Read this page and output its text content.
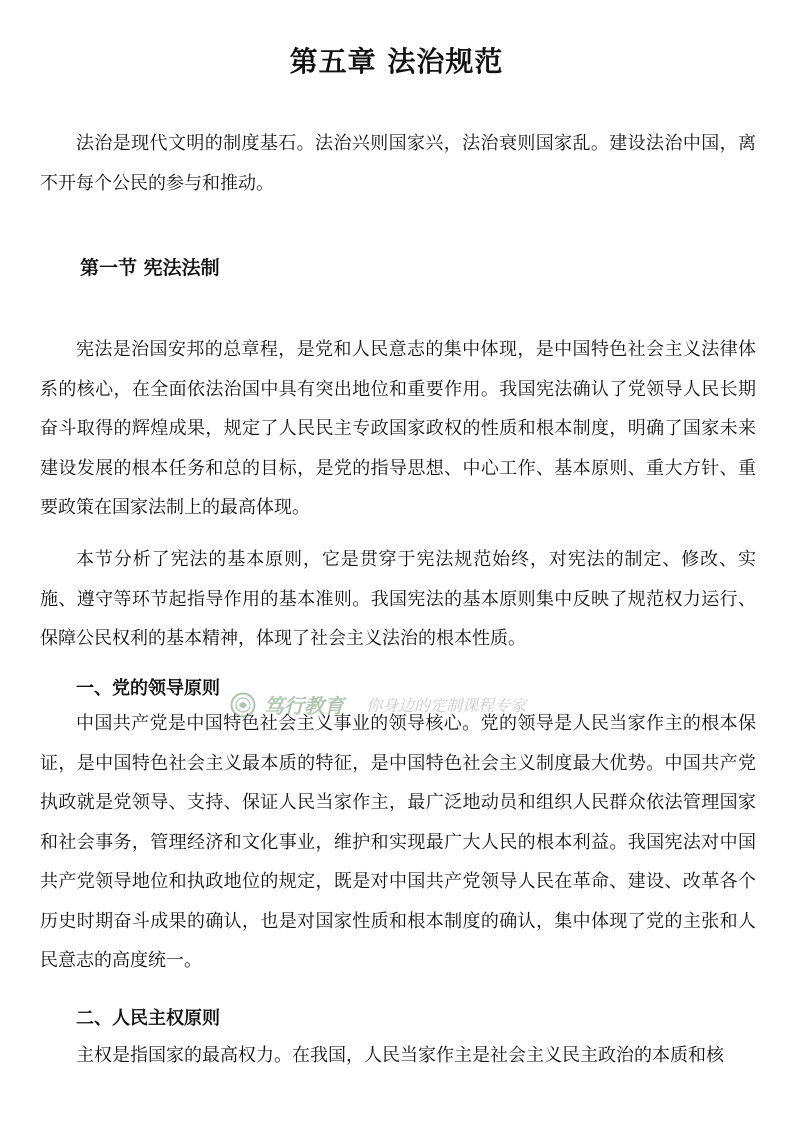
第五章 法治规范

法治是现代文明的制度基石。法治兴则国家兴，法治衰则国家乱。建设法治中国，离不开每个公民的参与和推动。

第一节 宪法法制

宪法是治国安邦的总章程，是党和人民意志的集中体现，是中国特色社会主义法律体系的核心，在全面依法治国中具有突出地位和重要作用。我国宪法确认了党领导人民长期奋斗取得的辉煌成果，规定了人民民主专政国家政权的性质和根本制度，明确了国家未来建设发展的根本任务和总的目标，是党的指导思想、中心工作、基本原则、重大方针、重要政策在国家法制上的最高体现。

本节分析了宪法的基本原则，它是贯穿于宪法规范始终，对宪法的制定、修改、实施、遵守等环节起指导作用的基本准则。我国宪法的基本原则集中反映了规范权力运行、保障公民权利的基本精神，体现了社会主义法治的根本性质。

一、党的领导原则

中国共产党是中国特色社会主义事业的领导核心。党的领导是人民当家作主的根本保证，是中国特色社会主义最本质的特征，是中国特色社会主义制度最大优势。中国共产党执政就是党领导、支持、保证人民当家作主，最广泛地动员和组织人民群众依法管理国家和社会事务，管理经济和文化事业，维护和实现最广大人民的根本利益。我国宪法对中国共产党领导地位和执政地位的规定，既是对中国共产党领导人民在革命、建设、改革各个历史时期奋斗成果的确认，也是对国家性质和根本制度的确认，集中体现了党的主张和人民意志的高度统一。

二、人民主权原则

主权是指国家的最高权力。在我国，人民当家作主是社会主义民主政治的本质和核

笃行教育 你身边的定制课程专家
